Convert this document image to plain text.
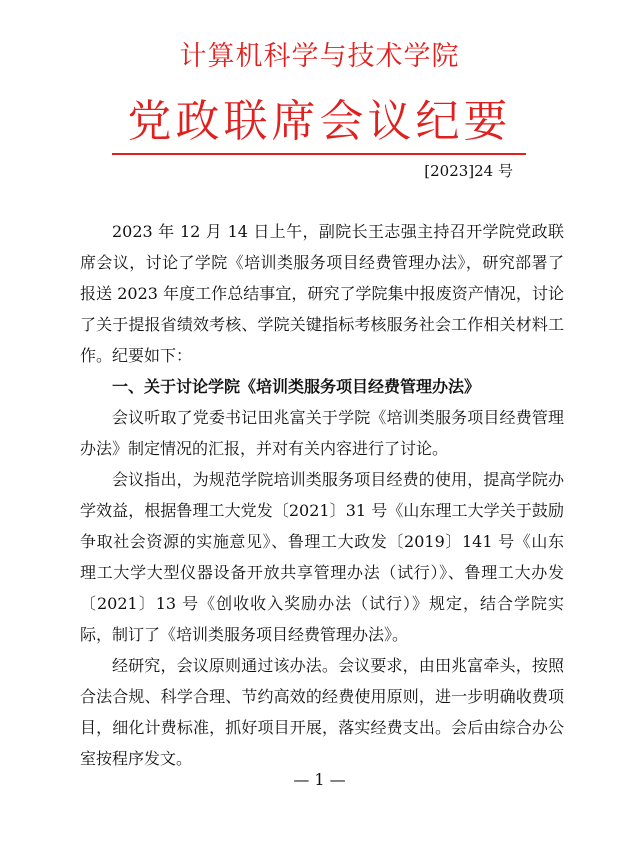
计算机科学与技术学院
党政联席会议纪要
[2023]24 号

2023 年 12 月 14 日上午，副院长王志强主持召开学院党政联席会议，讨论了学院《培训类服务项目经费管理办法》，研究部署了报送 2023 年度工作总结事宜，研究了学院集中报废资产情况，讨论了关于提报省绩效考核、学院关键指标考核服务社会工作相关材料工作。纪要如下：

一、关于讨论学院《培训类服务项目经费管理办法》

会议听取了党委书记田兆富关于学院《培训类服务项目经费管理办法》制定情况的汇报，并对有关内容进行了讨论。

会议指出，为规范学院培训类服务项目经费的使用，提高学院办学效益，根据鲁理工大党发〔2021〕31 号《山东理工大学关于鼓励争取社会资源的实施意见》、鲁理工大政发〔2019〕141 号《山东理工大学大型仪器设备开放共享管理办法（试行）》、鲁理工大办发〔2021〕13 号《创收收入奖励办法（试行）》规定，结合学院实际，制订了《培训类服务项目经费管理办法》。

经研究，会议原则通过该办法。会议要求，由田兆富牵头，按照合法合规、科学合理、节约高效的经费使用原则，进一步明确收费项目，细化计费标准，抓好项目开展，落实经费支出。会后由综合办公室按程序发文。

— 1 —
